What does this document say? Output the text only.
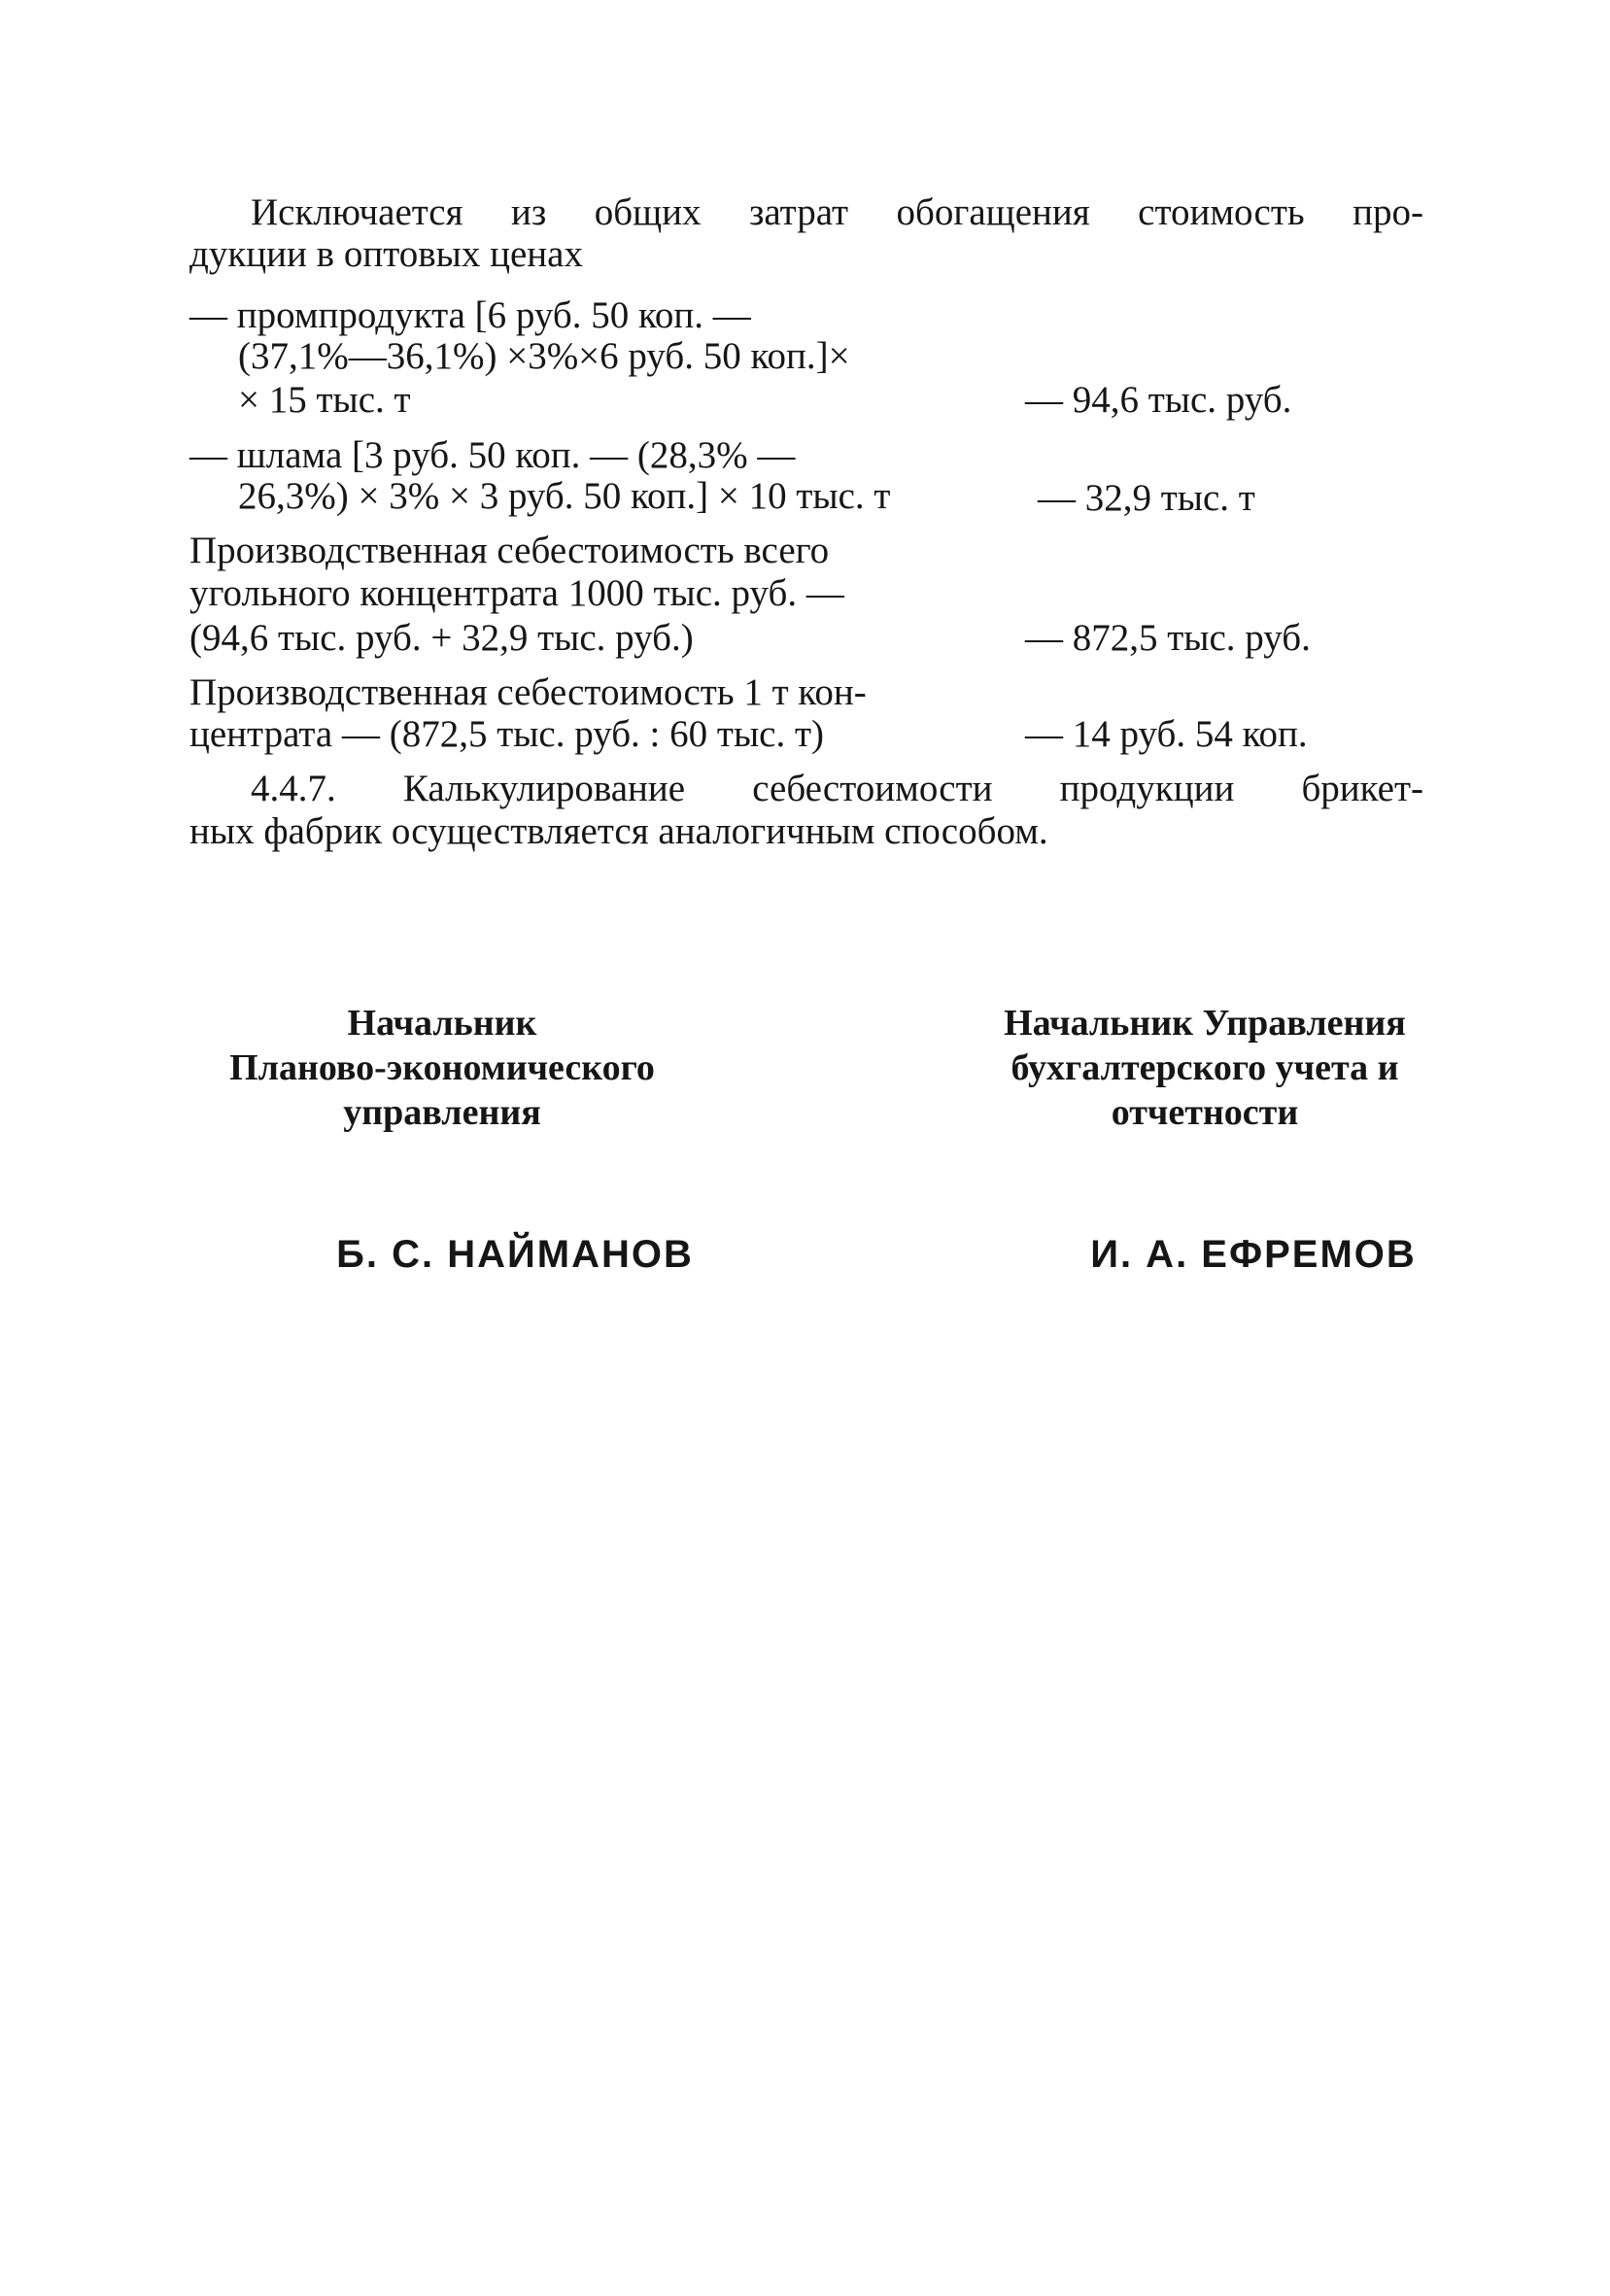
Исключается из общих затрат обогащения стоимость про-
дукции в оптовых ценах
— промпродукта [6 руб. 50 коп. —
(37,1%—36,1%) ×3%×6 руб. 50 коп.]×
× 15 тыс. т	— 94,6 тыс. руб.
— шлама [3 руб. 50 коп. — (28,3% —
26,3%) × 3% × 3 руб. 50 коп.] × 10 тыс. т	— 32,9 тыс. т
Производственная себестоимость всего
угольного концентрата 1000 тыс. руб. —
(94,6 тыс. руб. + 32,9 тыс. руб.)	— 872,5 тыс. руб.
Производственная себестоимость 1 т кон-
центрата — (872,5 тыс. руб. : 60 тыс. т)	— 14 руб. 54 коп.
4.4.7. Калькулирование себестоимости продукции брикет-
ных фабрик осуществляется аналогичным способом.
Начальник
Планово-экономического
управления
Б. С. НАЙМАНОВ
Начальник Управления
бухгалтерского учета и
отчетности
И. А. ЕФРЕМОВ
